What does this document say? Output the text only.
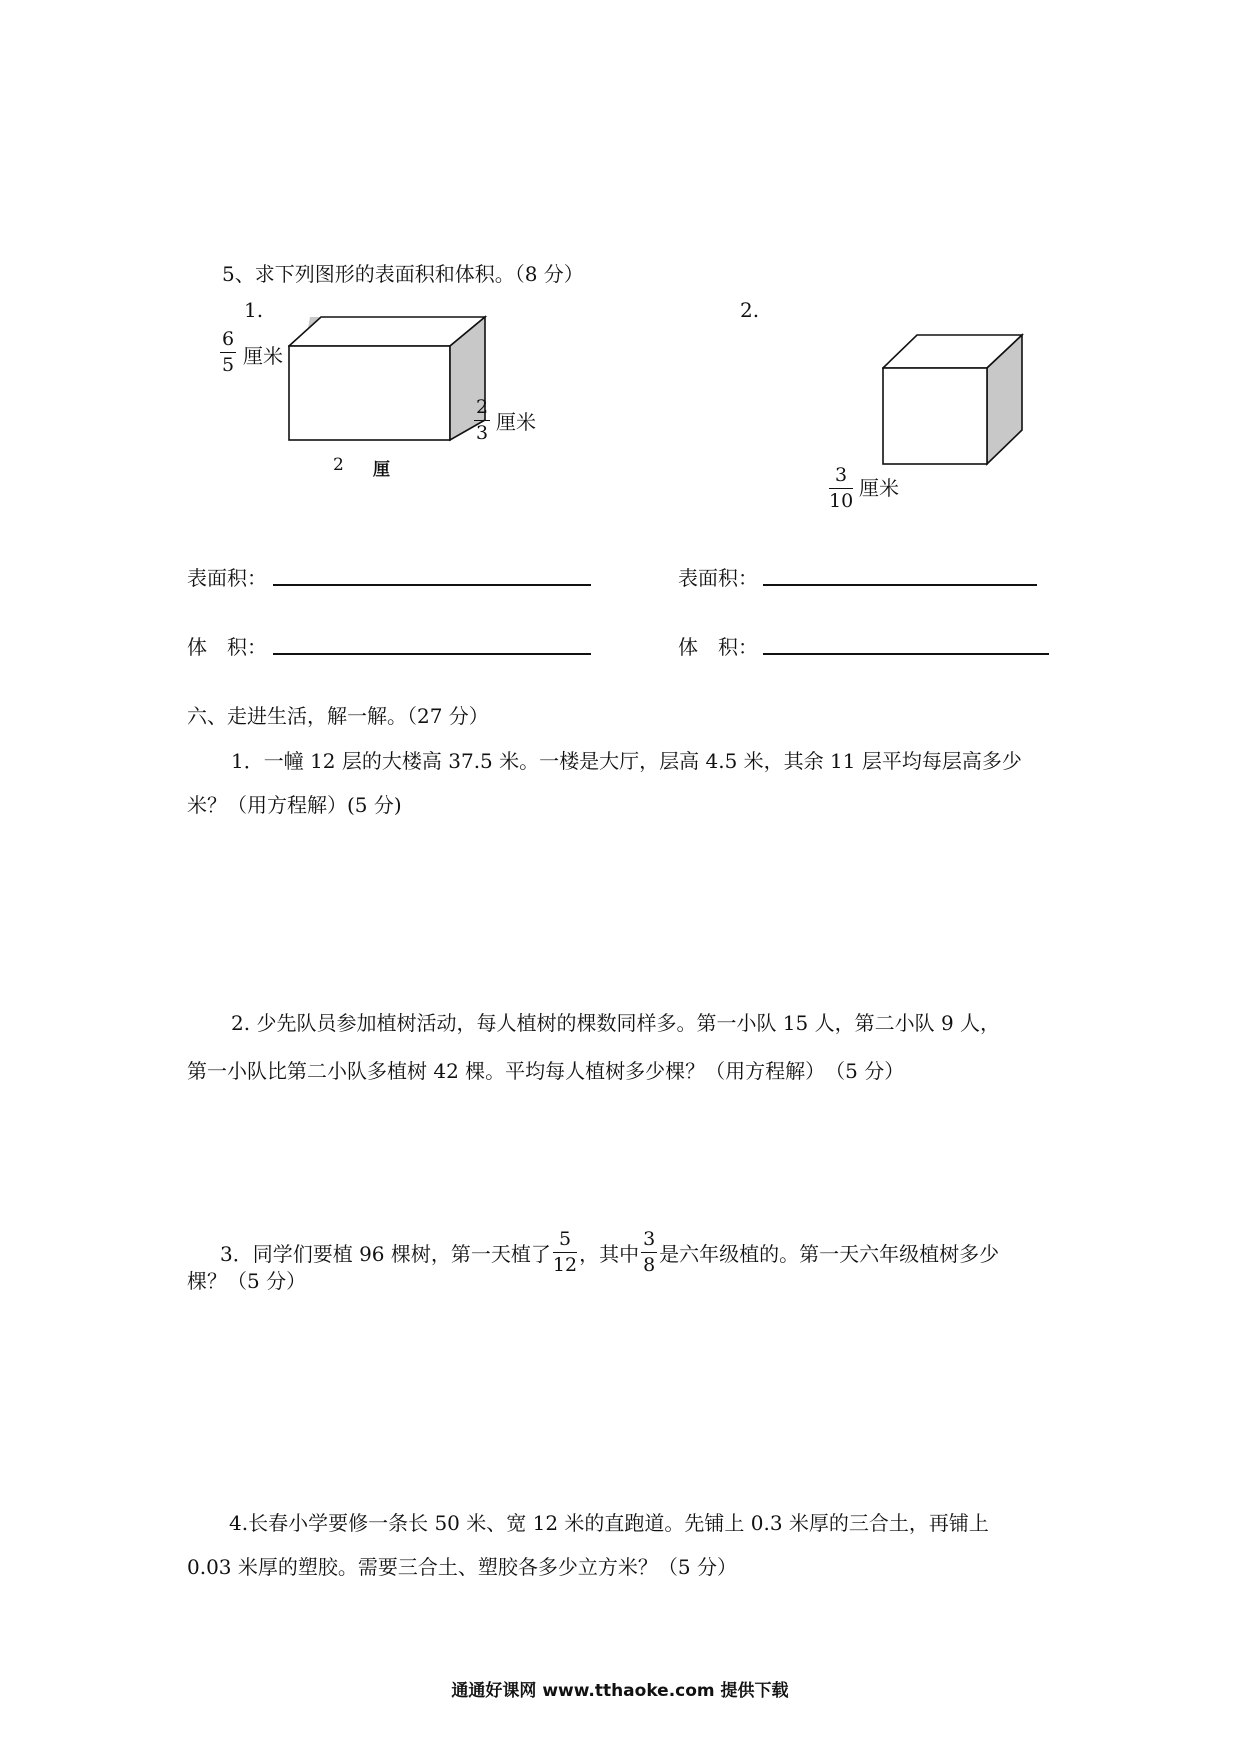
5、求下列图形的表面积和体积。（8 分）
1.
$\frac{6}{5}$ 厘米
$\frac{2}{3}$ 厘米
2 厘
2.
$\frac{3}{10}$ 厘米
表面积：	表面积：
体　积：	体　积：
六、走进生活，解一解。（27 分）
1．一幢 12 层的大楼高 37.5 米。一楼是大厅，层高 4.5 米，其余 11 层平均每层高多少
米？（用方程解）(5 分)
2. 少先队员参加植树活动，每人植树的棵数同样多。第一小队 15 人，第二小队 9 人，
第一小队比第二小队多植树 42 棵。平均每人植树多少棵？（用方程解）　（5 分）
3．同学们要植 96 棵树，第一天植了 $\frac{5}{12}$ ，其中 $\frac{3}{8}$ 是六年级植的。第一天六年级植树多少
棵？（5 分）
4.长春小学要修一条长 50 米、宽 12 米的直跑道。先铺上 0.3 米厚的三合土，再铺上
0.03 米厚的塑胶。需要三合土、塑胶各多少立方米？（5 分）
通通好课网 www.tthaoke.com 提供下载
